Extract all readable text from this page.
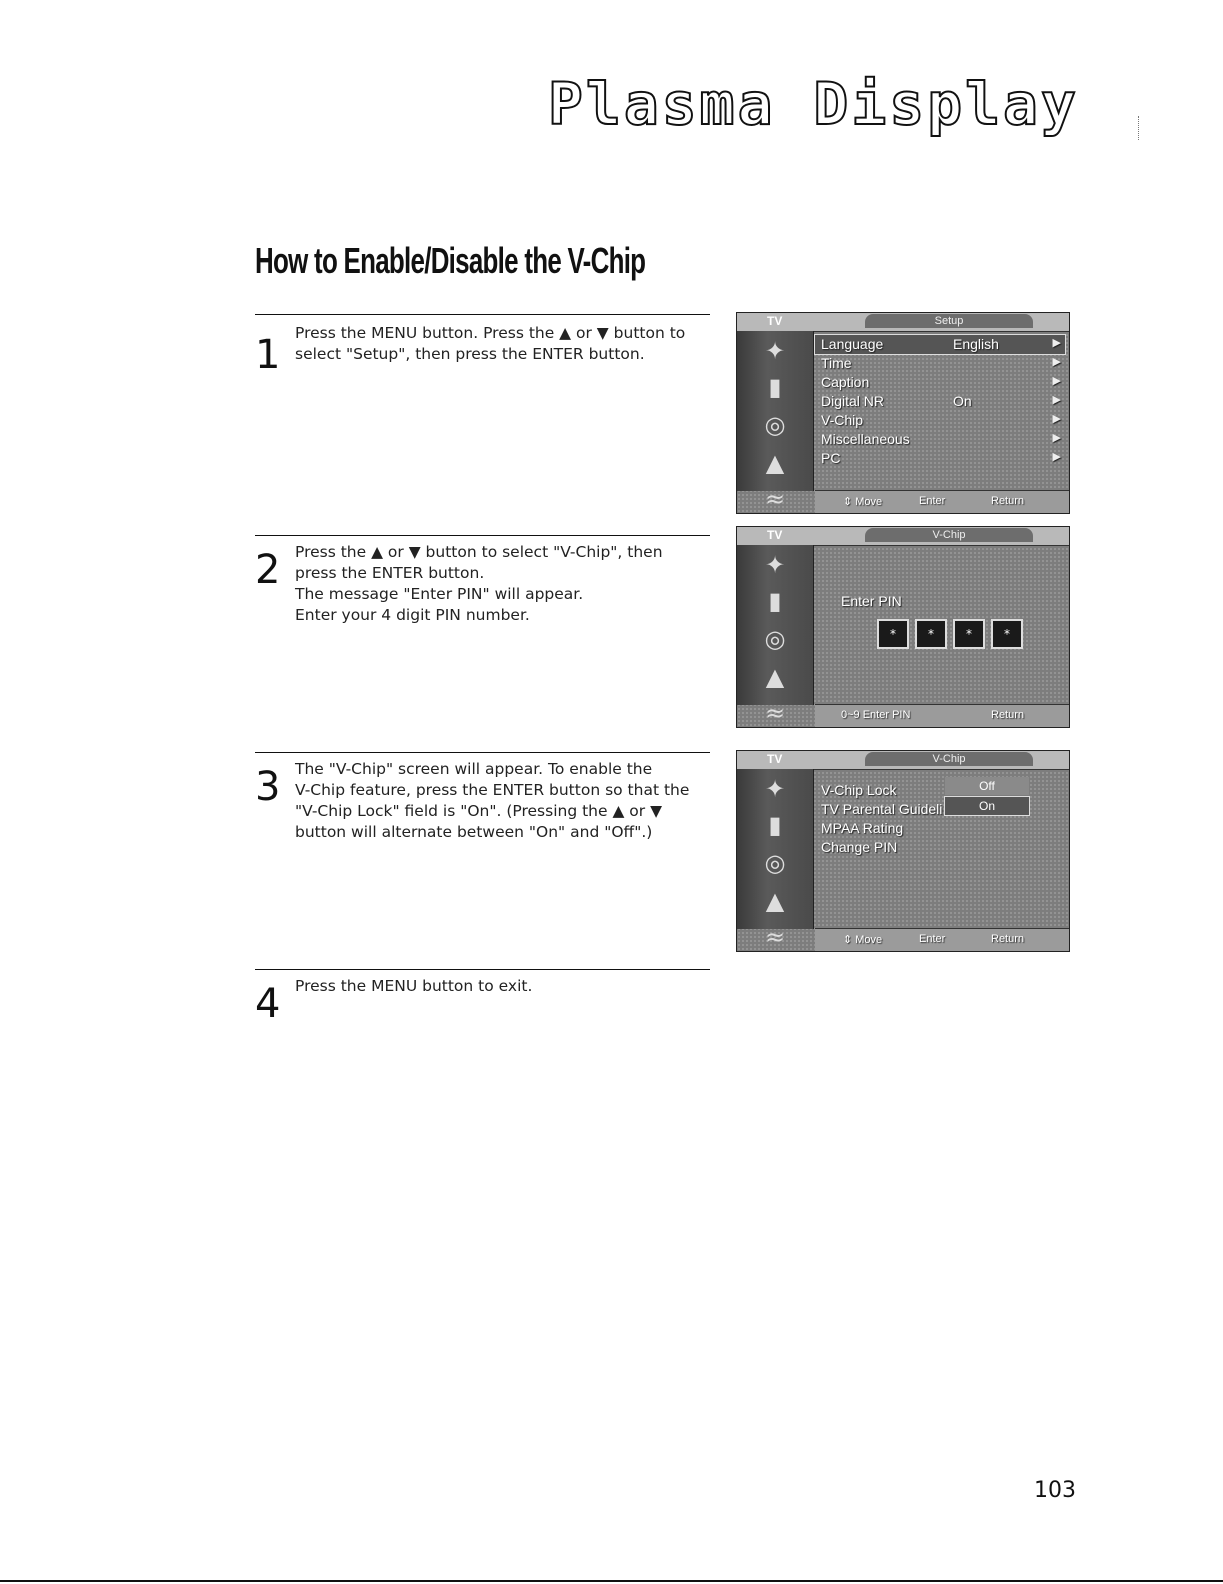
Plasma Display
How to Enable/Disable the V-Chip
1 Press the MENU button. Press the ▲ or ▼ button to
select "Setup", then press the ENTER button.
2 Press the ▲ or ▼ button to select "V-Chip", then
press the ENTER button.
The message "Enter PIN" will appear.
Enter your 4 digit PIN number.
3 The "V-Chip" screen will appear. To enable the
V-Chip feature, press the ENTER button so that the
"V-Chip Lock" field is "On". (Pressing the ▲ or ▼
button will alternate between "On" and "Off".)
4 Press the MENU button to exit.
TV	Setup
✦
▮
◎
▲
≈
Language	English	▶
Time	▶
Caption	▶
Digital NR	On	▶
V-Chip	▶
Miscellaneous	▶
PC	▶
⇕ Move	Enter	Return
TV	V-Chip
✦
▮
◎
▲
≈
Enter PIN
*	*	*	*
0~9 Enter PIN	Return
TV	V-Chip
✦
▮
◎
▲
≈
V-Chip Lock
TV Parental Guideli
MPAA Rating
Change PIN
Off
On
⇕ Move	Enter	Return
103
